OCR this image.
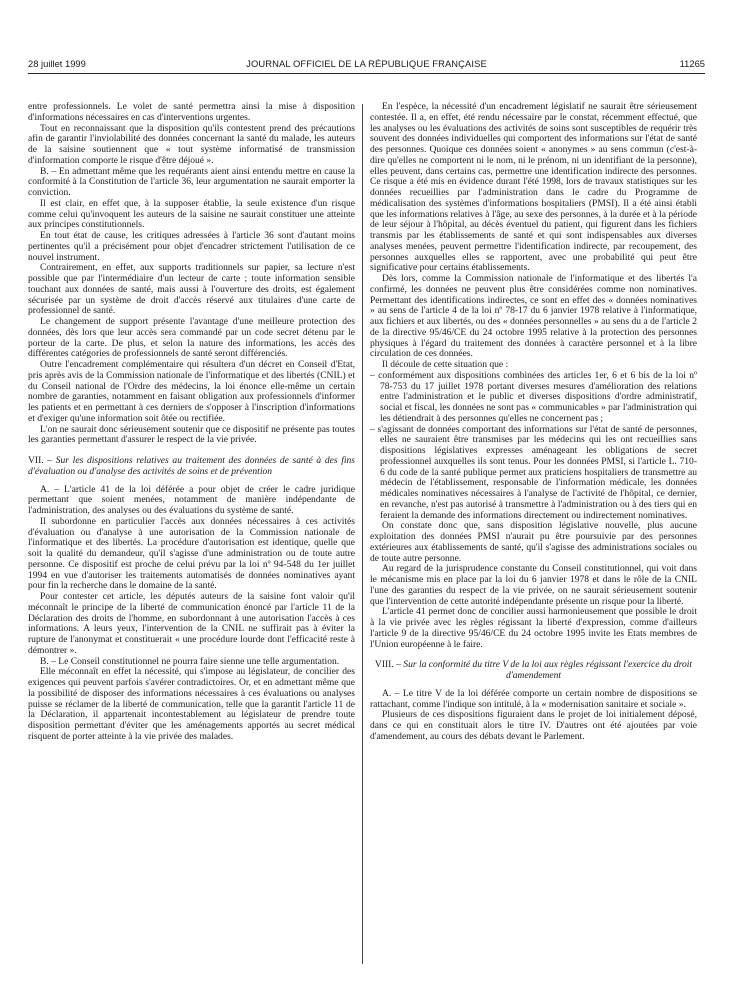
28 juillet 1999	JOURNAL OFFICIEL DE LA RÉPUBLIQUE FRANÇAISE	11265

entre professionnels. Le volet de santé permettra ainsi la mise à disposition d'informations nécessaires en cas d'interventions urgentes.

Tout en reconnaissant que la disposition qu'ils contestent prend des précautions afin de garantir l'inviolabilité des données concernant la santé du malade, les auteurs de la saisine soutiennent que « tout système informatisé de transmission d'information comporte le risque d'être déjoué ».

B. – En admettant même que les requérants aient ainsi entendu mettre en cause la conformité à la Constitution de l'article 36, leur argumentation ne saurait emporter la conviction.

Il est clair, en effet que, à la supposer établie, la seule existence d'un risque comme celui qu'invoquent les auteurs de la saisine ne saurait constituer une atteinte aux principes constitutionnels.

En tout état de cause, les critiques adressées à l'article 36 sont d'autant moins pertinentes qu'il a précisément pour objet d'encadrer strictement l'utilisation de ce nouvel instrument.

Contrairement, en effet, aux supports traditionnels sur papier, sa lecture n'est possible que par l'intermédiaire d'un lecteur de carte ; toute information sensible touchant aux données de santé, mais aussi à l'ouverture des droits, est également sécurisée par un système de droit d'accès réservé aux titulaires d'une carte de professionnel de santé.

Le changement de support présente l'avantage d'une meilleure protection des données, dès lors que leur accès sera commandé par un code secret détenu par le porteur de la carte. De plus, et selon la nature des informations, les accès des différentes catégories de professionnels de santé seront différenciés.

Outre l'encadrement complémentaire qui résultera d'un décret en Conseil d'Etat, pris après avis de la Commission nationale de l'informatique et des libertés (CNIL) et du Conseil national de l'Ordre des médecins, la loi énonce elle-même un certain nombre de garanties, notamment en faisant obligation aux professionnels d'informer les patients et en permettant à ces derniers de s'opposer à l'inscription d'informations et d'exiger qu'une information soit ôtée ou rectifiée.

L'on ne saurait donc sérieusement soutenir que ce dispositif ne présente pas toutes les garanties permettant d'assurer le respect de la vie privée.

VII. – Sur les dispositions relatives au traitement des données de santé à des fins d'évaluation ou d'analyse des activités de soins et de prévention

A. – L'article 41 de la loi déférée a pour objet de créer le cadre juridique permettant que soient menées, notamment de manière indépendante de l'administration, des analyses ou des évaluations du système de santé.

Il subordonne en particulier l'accès aux données nécessaires à ces activités d'évaluation ou d'analyse à une autorisation de la Commission nationale de l'informatique et des libertés. La procédure d'autorisation est identique, quelle que soit la qualité du demandeur, qu'il s'agisse d'une administration ou de toute autre personne. Ce dispositif est proche de celui prévu par la loi nº 94-548 du 1er juillet 1994 en vue d'autoriser les traitements automatisés de données nominatives ayant pour fin la recherche dans le domaine de la santé.

Pour contester cet article, les députés auteurs de la saisine font valoir qu'il méconnaît le principe de la liberté de communication énoncé par l'article 11 de la Déclaration des droits de l'homme, en subordonnant à une autorisation l'accès à ces informations. A leurs yeux, l'intervention de la CNIL ne suffirait pas à éviter la rupture de l'anonymat et constituerait « une procédure lourde dont l'efficacité reste à démontrer ».

B. – Le Conseil constitutionnel ne pourra faire sienne une telle argumentation.

Elle méconnaît en effet la nécessité, qui s'impose au législateur, de concilier des exigences qui peuvent parfois s'avérer contradictoires. Or, et en admettant même que la possibilité de disposer des informations nécessaires à ces évaluations ou analyses puisse se réclamer de la liberté de communication, telle que la garantit l'article 11 de la Déclaration, il appartenait incontestablement au législateur de prendre toute disposition permettant d'éviter que les aménagements apportés au secret médical risquent de porter atteinte à la vie privée des malades.

En l'espèce, la nécessité d'un encadrement législatif ne saurait être sérieusement contestée. Il a, en effet, été rendu nécessaire par le constat, récemment effectué, que les analyses ou les évaluations des activités de soins sont susceptibles de requérir très souvent des données individuelles qui comportent des informations sur l'état de santé des personnes. Quoique ces données soient « anonymes » au sens commun (c'est-à-dire qu'elles ne comportent ni le nom, ni le prénom, ni un identifiant de la personne), elles peuvent, dans certains cas, permettre une identification indirecte des personnes. Ce risque a été mis en évidence durant l'été 1998, lors de travaux statistiques sur les données recueillies par l'administration dans le cadre du Programme de médicalisation des systèmes d'informations hospitaliers (PMSI). Il a été ainsi établi que les informations relatives à l'âge, au sexe des personnes, à la durée et à la période de leur séjour à l'hôpital, au décès éventuel du patient, qui figurent dans les fichiers transmis par les établissements de santé et qui sont indispensables aux diverses analyses menées, peuvent permettre l'identification indirecte, par recoupement, des personnes auxquelles elles se rapportent, avec une probabilité qui peut être significative pour certains établissements.

Dès lors, comme la Commission nationale de l'informatique et des libertés l'a confirmé, les données ne peuvent plus être considérées comme non nominatives. Permettant des identifications indirectes, ce sont en effet des « données nominatives » au sens de l'article 4 de la loi nº 78-17 du 6 janvier 1978 relative à l'informatique, aux fichiers et aux libertés, ou des « données personnelles » au sens du a de l'article 2 de la directive 95/46/CE du 24 octobre 1995 relative à la protection des personnes physiques à l'égard du traitement des données à caractère personnel et à la libre circulation de ces données.

Il découle de cette situation que :

– conformément aux dispositions combinées des articles 1er, 6 et 6 bis de la loi nº 78-753 du 17 juillet 1978 portant diverses mesures d'amélioration des relations entre l'administration et le public et diverses dispositions d'ordre administratif, social et fiscal, les données ne sont pas « communicables » par l'administration qui les détiendrait à des personnes qu'elles ne concernent pas ;

– s'agissant de données comportant des informations sur l'état de santé de personnes, elles ne sauraient être transmises par les médecins qui les ont recueillies sans dispositions législatives expresses aménageant les obligations de secret professionnel auxquelles ils sont tenus. Pour les données PMSI, si l'article L. 710-6 du code de la santé publique permet aux praticiens hospitaliers de transmettre au médecin de l'établissement, responsable de l'information médicale, les données médicales nominatives nécessaires à l'analyse de l'activité de l'hôpital, ce dernier, en revanche, n'est pas autorisé à transmettre à l'administration ou à des tiers qui en feraient la demande des informations directement ou indirectement nominatives.

On constate donc que, sans disposition législative nouvelle, plus aucune exploitation des données PMSI n'aurait pu être poursuivie par des personnes extérieures aux établissements de santé, qu'il s'agisse des administrations sociales ou de toute autre personne.

Au regard de la jurisprudence constante du Conseil constitutionnel, qui voit dans le mécanisme mis en place par la loi du 6 janvier 1978 et dans le rôle de la CNIL l'une des garanties du respect de la vie privée, on ne saurait sérieusement soutenir que l'intervention de cette autorité indépendante présente un risque pour la liberté.

L'article 41 permet donc de concilier aussi harmonieusement que possible le droit à la vie privée avec les règles régissant la liberté d'expression, comme d'ailleurs l'article 9 de la directive 95/46/CE du 24 octobre 1995 invite les Etats membres de l'Union européenne à le faire.

VIII. – Sur la conformité du titre V de la loi aux règles régissant l'exercice du droit d'amendement

A. – Le titre V de la loi déférée comporte un certain nombre de dispositions se rattachant, comme l'indique son intitulé, à la « modernisation sanitaire et sociale ».

Plusieurs de ces dispositions figuraient dans le projet de loi initialement déposé, dans ce qui en constituait alors le titre IV. D'autres ont été ajoutées par voie d'amendement, au cours des débats devant le Parlement.
